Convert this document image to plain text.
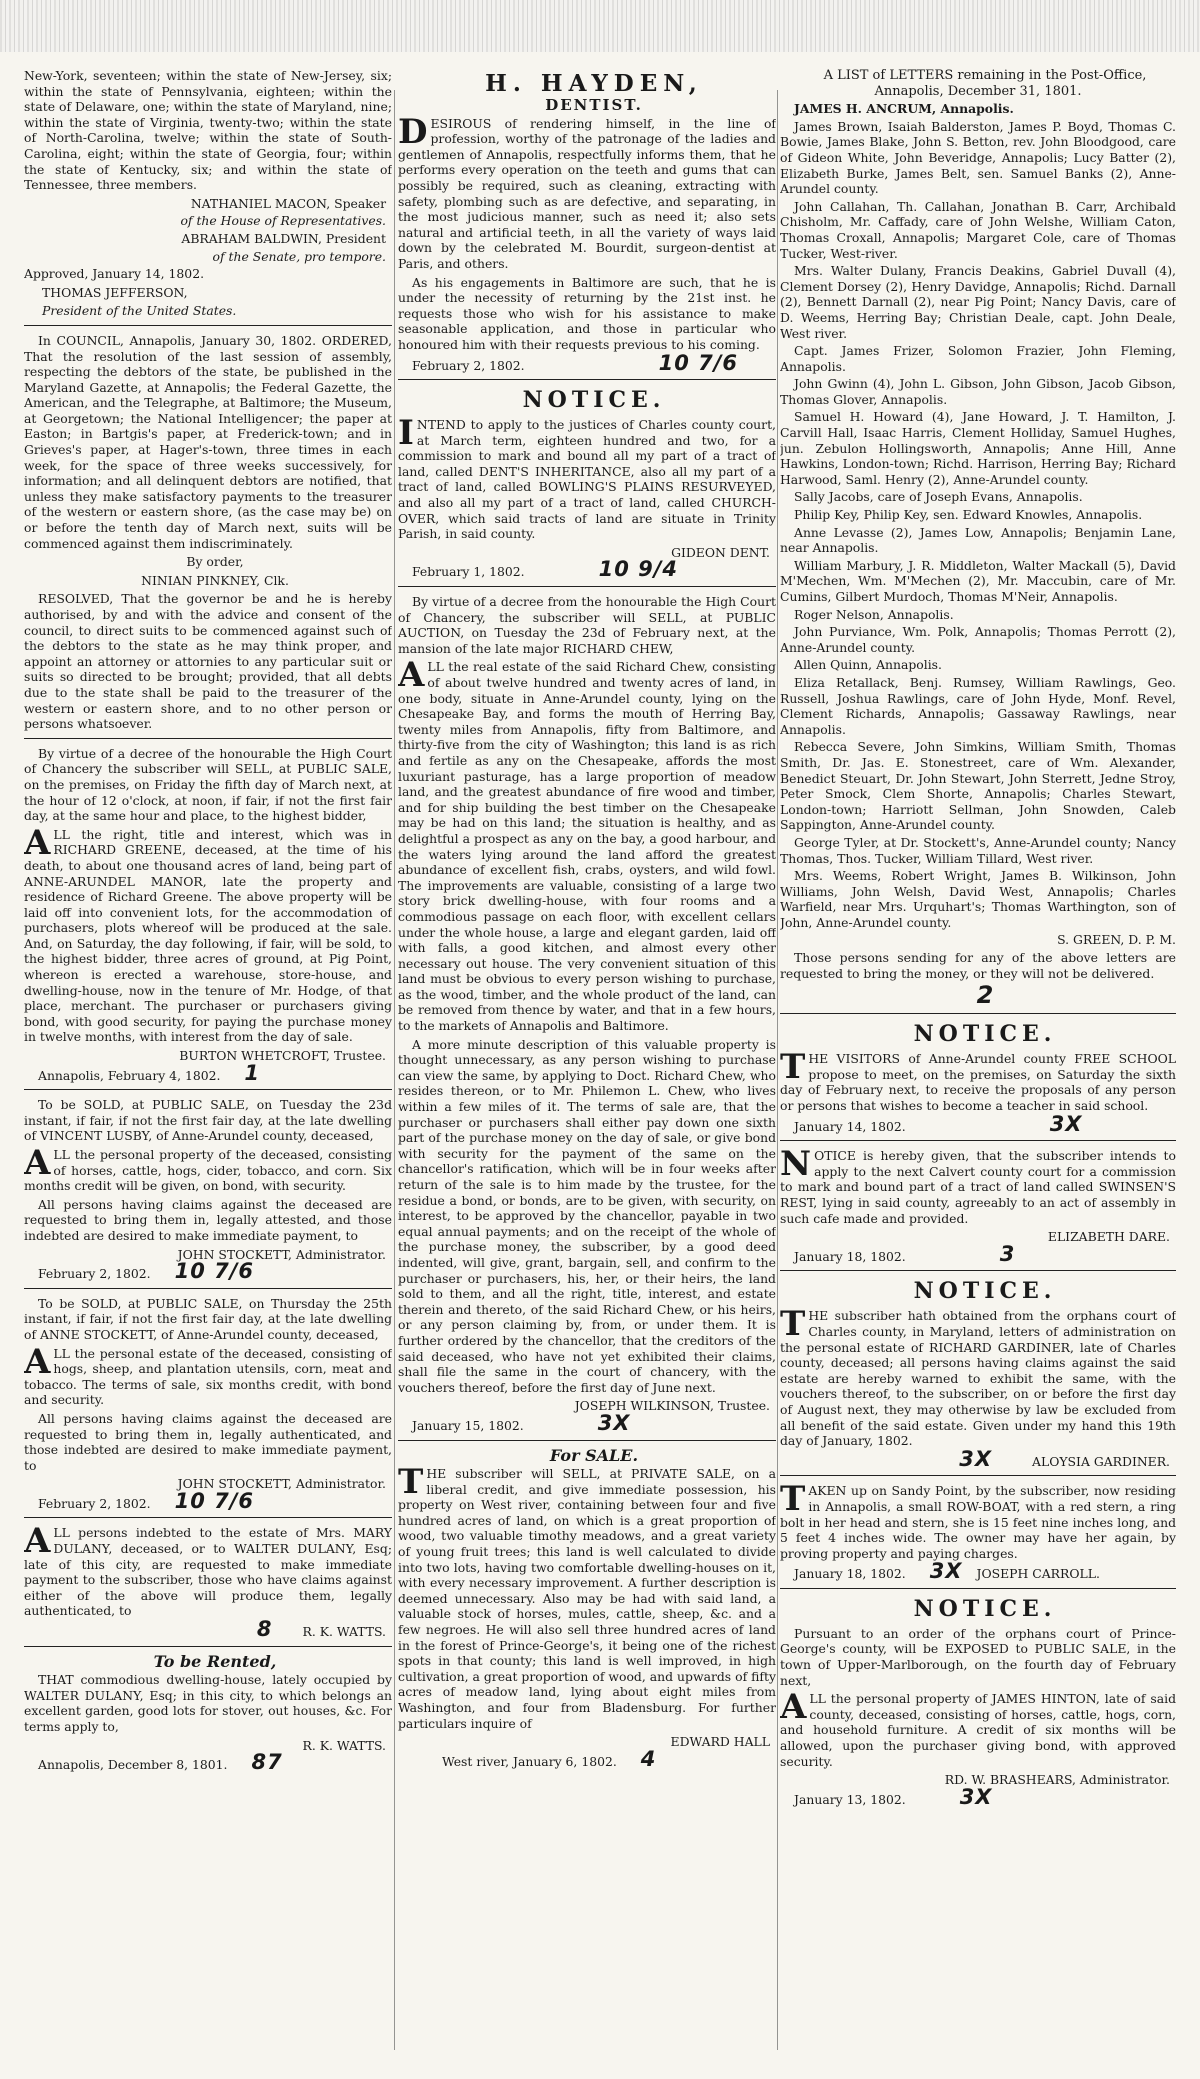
New-York, seventeen; within the state of New-Jersey, six; within the state of Pennsylvania, eighteen; within the state of Delaware, one; within the state of Maryland, nine; within the state of Virginia, twenty-two; within the state of North-Carolina, twelve; within the state of South-Carolina, eight; within the state of Georgia, four; within the state of Kentucky, six; and within the state of Tennessee, three members.

NATHANIEL MACON, Speaker

of the House of Representatives.

ABRAHAM BALDWIN, President

of the Senate, pro tempore.

Approved, January 14, 1802.

THOMAS JEFFERSON,

President of the United States.

In COUNCIL, Annapolis, January 30, 1802. ORDERED, That the resolution of the last session of assembly, respecting the debtors of the state, be published in the Maryland Gazette, at Annapolis; the Federal Gazette, the American, and the Telegraphe, at Baltimore; the Museum, at Georgetown; the National Intelligencer; the paper at Easton; in Bartgis's paper, at Frederick-town; and in Grieves's paper, at Hager's-town, three times in each week, for the space of three weeks successively, for information; and all delinquent debtors are notified, that unless they make satisfactory payments to the treasurer of the western or eastern shore, (as the case may be) on or before the tenth day of March next, suits will be commenced against them indiscriminately.

By order,

NINIAN PINKNEY, Clk.

RESOLVED, That the governor be and he is hereby authorised, by and with the advice and consent of the council, to direct suits to be commenced against such of the debtors to the state as he may think proper, and appoint an attorney or attornies to any particular suit or suits so directed to be brought; provided, that all debts due to the state shall be paid to the treasurer of the western or eastern shore, and to no other person or persons whatsoever.

By virtue of a decree of the honourable the High Court of Chancery the subscriber will SELL, at PUBLIC SALE, on the premises, on Friday the fifth day of March next, at the hour of 12 o'clock, at noon, if fair, if not the first fair day, at the same hour and place, to the highest bidder,

ALL the right, title and interest, which was in RICHARD GREENE, deceased, at the time of his death, to about one thousand acres of land, being part of ANNE-ARUNDEL MANOR, late the property and residence of Richard Greene. The above property will be laid off into convenient lots, for the accommodation of purchasers, plots whereof will be produced at the sale. And, on Saturday, the day following, if fair, will be sold, to the highest bidder, three acres of ground, at Pig Point, whereon is erected a warehouse, store-house, and dwelling-house, now in the tenure of Mr. Hodge, of that place, merchant. The purchaser or purchasers giving bond, with good security, for paying the purchase money in twelve months, with interest from the day of sale.

BURTON WHETCROFT, Trustee.

Annapolis, February 4, 1802. 1

To be SOLD, at PUBLIC SALE, on Tuesday the 23d instant, if fair, if not the first fair day, at the late dwelling of VINCENT LUSBY, of Anne-Arundel county, deceased,

ALL the personal property of the deceased, consisting of horses, cattle, hogs, cider, tobacco, and corn. Six months credit will be given, on bond, with security.

All persons having claims against the deceased are requested to bring them in, legally attested, and those indebted are desired to make immediate payment, to

JOHN STOCKETT, Administrator.

February 2, 1802. 10 7/6

To be SOLD, at PUBLIC SALE, on Thursday the 25th instant, if fair, if not the first fair day, at the late dwelling of ANNE STOCKETT, of Anne-Arundel county, deceased,

ALL the personal estate of the deceased, consisting of hogs, sheep, and plantation utensils, corn, meat and tobacco. The terms of sale, six months credit, with bond and security.

All persons having claims against the deceased are requested to bring them in, legally authenticated, and those indebted are desired to make immediate payment, to

JOHN STOCKETT, Administrator.

February 2, 1802. 10 7/6

ALL persons indebted to the estate of Mrs. MARY DULANY, deceased, or to WALTER DULANY, Esq; late of this city, are requested to make immediate payment to the subscriber, those who have claims against either of the above will produce them, legally authenticated, to

8 R. K. WATTS.

To be Rented,

THAT commodious dwelling-house, lately occupied by WALTER DULANY, Esq; in this city, to which belongs an excellent garden, good lots for stover, out houses, &c. For terms apply to,

R. K. WATTS.

Annapolis, December 8, 1801. 87

H. HAYDEN,

DENTIST.

DESIROUS of rendering himself, in the line of profession, worthy of the patronage of the ladies and gentlemen of Annapolis, respectfully informs them, that he performs every operation on the teeth and gums that can possibly be required, such as cleaning, extracting with safety, plombing such as are defective, and separating, in the most judicious manner, such as need it; also sets natural and artificial teeth, in all the variety of ways laid down by the celebrated M. Bourdit, surgeon-dentist at Paris, and others.

As his engagements in Baltimore are such, that he is under the necessity of returning by the 21st inst. he requests those who wish for his assistance to make seasonable application, and those in particular who honoured him with their requests previous to his coming.

February 2, 1802.	10 7/6

NOTICE.

INTEND to apply to the justices of Charles county court, at March term, eighteen hundred and two, for a commission to mark and bound all my part of a tract of land, called DENT'S INHERITANCE, also all my part of a tract of land, called BOWLING'S PLAINS RESURVEYED, and also all my part of a tract of land, called CHURCH-OVER, which said tracts of land are situate in Trinity Parish, in said county.

GIDEON DENT.

February 1, 1802.	10 9/4

By virtue of a decree from the honourable the High Court of Chancery, the subscriber will SELL, at PUBLIC AUCTION, on Tuesday the 23d of February next, at the mansion of the late major RICHARD CHEW,

ALL the real estate of the said Richard Chew, consisting of about twelve hundred and twenty acres of land, in one body, situate in Anne-Arundel county, lying on the Chesapeake Bay, and forms the mouth of Herring Bay, twenty miles from Annapolis, fifty from Baltimore, and thirty-five from the city of Washington; this land is as rich and fertile as any on the Chesapeake, affords the most luxuriant pasturage, has a large proportion of meadow land, and the greatest abundance of fire wood and timber, and for ship building the best timber on the Chesapeake may be had on this land; the situation is healthy, and as delightful a prospect as any on the bay, a good harbour, and the waters lying around the land afford the greatest abundance of excellent fish, crabs, oysters, and wild fowl. The improvements are valuable, consisting of a large two story brick dwelling-house, with four rooms and a commodious passage on each floor, with excellent cellars under the whole house, a large and elegant garden, laid off with falls, a good kitchen, and almost every other necessary out house. The very convenient situation of this land must be obvious to every person wishing to purchase, as the wood, timber, and the whole product of the land, can be removed from thence by water, and that in a few hours, to the markets of Annapolis and Baltimore.

A more minute description of this valuable property is thought unnecessary, as any person wishing to purchase can view the same, by applying to Doct. Richard Chew, who resides thereon, or to Mr. Philemon L. Chew, who lives within a few miles of it. The terms of sale are, that the purchaser or purchasers shall either pay down one sixth part of the purchase money on the day of sale, or give bond with security for the payment of the same on the chancellor's ratification, which will be in four weeks after return of the sale is to him made by the trustee, for the residue a bond, or bonds, are to be given, with security, on interest, to be approved by the chancellor, payable in two equal annual payments; and on the receipt of the whole of the purchase money, the subscriber, by a good deed indented, will give, grant, bargain, sell, and confirm to the purchaser or purchasers, his, her, or their heirs, the land sold to them, and all the right, title, interest, and estate therein and thereto, of the said Richard Chew, or his heirs, or any person claiming by, from, or under them. It is further ordered by the chancellor, that the creditors of the said deceased, who have not yet exhibited their claims, shall file the same in the court of chancery, with the vouchers thereof, before the first day of June next.

JOSEPH WILKINSON, Trustee.

January 15, 1802.	3X

For SALE.

THE subscriber will SELL, at PRIVATE SALE, on a liberal credit, and give immediate possession, his property on West river, containing between four and five hundred acres of land, on which is a great proportion of wood, two valuable timothy meadows, and a great variety of young fruit trees; this land is well calculated to divide into two lots, having two comfortable dwelling-houses on it, with every necessary improvement. A further description is deemed unnecessary. Also may be had with said land, a valuable stock of horses, mules, cattle, sheep, &c. and a few negroes. He will also sell three hundred acres of land in the forest of Prince-George's, it being one of the richest spots in that county; this land is well improved, in high cultivation, a great proportion of wood, and upwards of fifty acres of meadow land, lying about eight miles from Washington, and four from Bladensburg. For further particulars inquire of

EDWARD HALL

West river, January 6, 1802. 4

A LIST of LETTERS remaining in the Post-Office, Annapolis, December 31, 1801.

JAMES H. ANCRUM, Annapolis.

James Brown, Isaiah Balderston, James P. Boyd, Thomas C. Bowie, James Blake, John S. Betton, rev. John Bloodgood, care of Gideon White, John Beveridge, Annapolis; Lucy Batter (2), Elizabeth Burke, James Belt, sen. Samuel Banks (2), Anne-Arundel county.

John Callahan, Th. Callahan, Jonathan B. Carr, Archibald Chisholm, Mr. Caffady, care of John Welshe, William Caton, Thomas Croxall, Annapolis; Margaret Cole, care of Thomas Tucker, West-river.

Mrs. Walter Dulany, Francis Deakins, Gabriel Duvall (4), Clement Dorsey (2), Henry Davidge, Annapolis; Richd. Darnall (2), Bennett Darnall (2), near Pig Point; Nancy Davis, care of D. Weems, Herring Bay; Christian Deale, capt. John Deale, West river.

Capt. James Frizer, Solomon Frazier, John Fleming, Annapolis.

John Gwinn (4), John L. Gibson, John Gibson, Jacob Gibson, Thomas Glover, Annapolis.

Samuel H. Howard (4), Jane Howard, J. T. Hamilton, J. Carvill Hall, Isaac Harris, Clement Holliday, Samuel Hughes, jun. Zebulon Hollingsworth, Annapolis; Anne Hill, Anne Hawkins, London-town; Richd. Harrison, Herring Bay; Richard Harwood, Saml. Henry (2), Anne-Arundel county.

Sally Jacobs, care of Joseph Evans, Annapolis.

Philip Key, Philip Key, sen. Edward Knowles, Annapolis.

Anne Levasse (2), James Low, Annapolis; Benjamin Lane, near Annapolis.

William Marbury, J. R. Middleton, Walter Mackall (5), David M'Mechen, Wm. M'Mechen (2), Mr. Maccubin, care of Mr. Cumins, Gilbert Murdoch, Thomas M'Neir, Annapolis.

Roger Nelson, Annapolis.

John Purviance, Wm. Polk, Annapolis; Thomas Perrott (2), Anne-Arundel county.

Allen Quinn, Annapolis.

Eliza Retallack, Benj. Rumsey, William Rawlings, Geo. Russell, Joshua Rawlings, care of John Hyde, Monf. Revel, Clement Richards, Annapolis; Gassaway Rawlings, near Annapolis.

Rebecca Severe, John Simkins, William Smith, Thomas Smith, Dr. Jas. E. Stonestreet, care of Wm. Alexander, Benedict Steuart, Dr. John Stewart, John Sterrett, Jedne Stroy, Peter Smock, Clem Shorte, Annapolis; Charles Stewart, London-town; Harriott Sellman, John Snowden, Caleb Sappington, Anne-Arundel county.

George Tyler, at Dr. Stockett's, Anne-Arundel county; Nancy Thomas, Thos. Tucker, William Tillard, West river.

Mrs. Weems, Robert Wright, James B. Wilkinson, John Williams, John Welsh, David West, Annapolis; Charles Warfield, near Mrs. Urquhart's; Thomas Warthington, son of John, Anne-Arundel county.

S. GREEN, D. P. M.

Those persons sending for any of the above letters are requested to bring the money, or they will not be delivered.

2

NOTICE.

THE VISITORS of Anne-Arundel county FREE SCHOOL propose to meet, on the premises, on Saturday the sixth day of February next, to receive the proposals of any person or persons that wishes to become a teacher in said school.

January 14, 1802.	3X

NOTICE is hereby given, that the subscriber intends to apply to the next Calvert county court for a commission to mark and bound part of a tract of land called SWINSEN'S REST, lying in said county, agreeably to an act of assembly in such cafe made and provided.

ELIZABETH DARE.

January 18, 1802.	3

NOTICE.

THE subscriber hath obtained from the orphans court of Charles county, in Maryland, letters of administration on the personal estate of RICHARD GARDINER, late of Charles county, deceased; all persons having claims against the said estate are hereby warned to exhibit the same, with the vouchers thereof, to the subscriber, on or before the first day of August next, they may otherwise by law be excluded from all benefit of the said estate. Given under my hand this 19th day of January, 1802.

3X	ALOYSIA GARDINER.

TAKEN up on Sandy Point, by the subscriber, now residing in Annapolis, a small ROW-BOAT, with a red stern, a ring bolt in her head and stern, she is 15 feet nine inches long, and 5 feet 4 inches wide. The owner may have her again, by proving property and paying charges.

January 18, 1802. 3X JOSEPH CARROLL.

NOTICE.

Pursuant to an order of the orphans court of Prince-George's county, will be EXPOSED to PUBLIC SALE, in the town of Upper-Marlborough, on the fourth day of February next,

ALL the personal property of JAMES HINTON, late of said county, deceased, consisting of horses, cattle, hogs, corn, and household furniture. A credit of six months will be allowed, upon the purchaser giving bond, with approved security.

RD. W. BRASHEARS, Administrator.

January 13, 1802.	3X
